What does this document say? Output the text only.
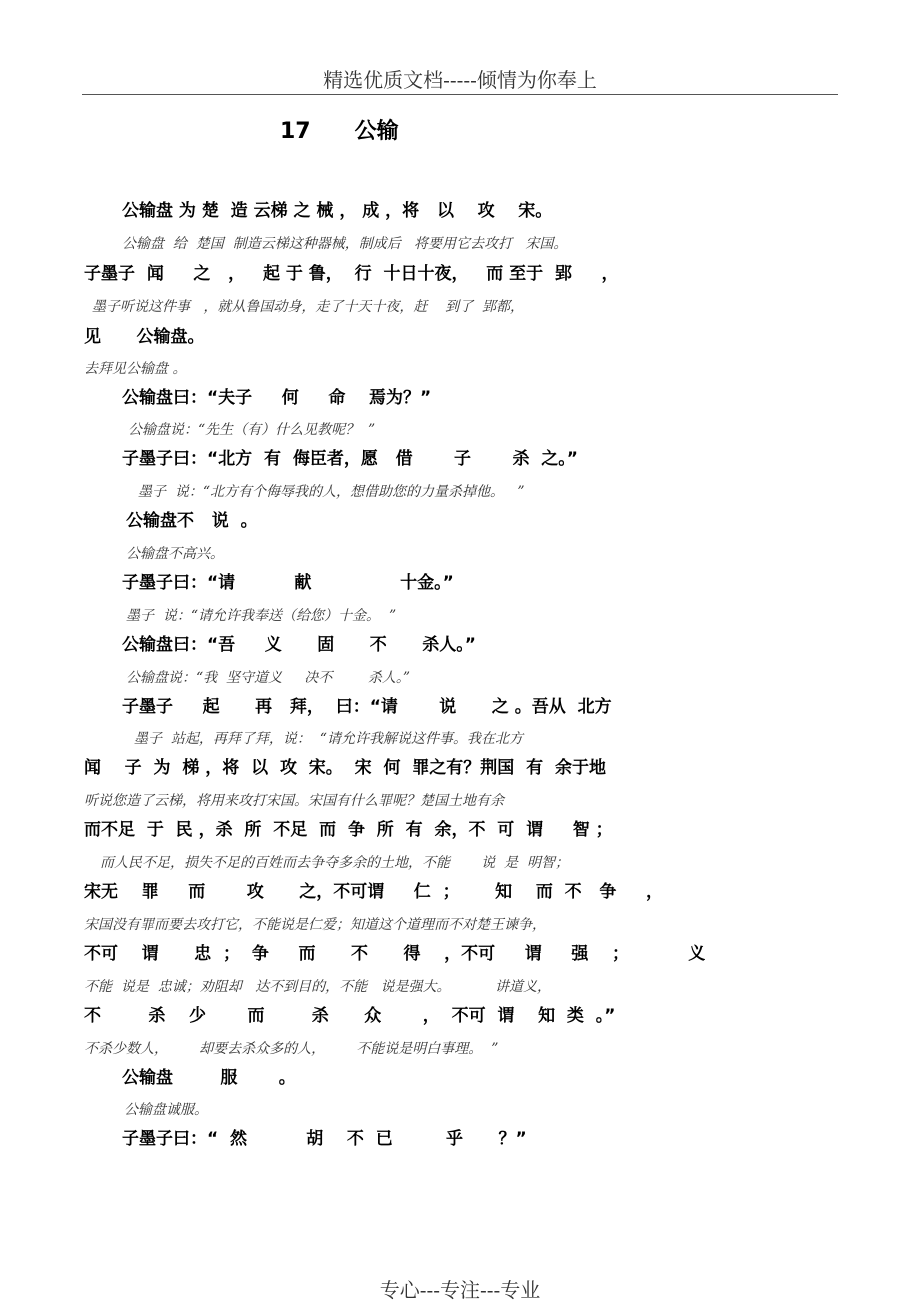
精选优质文档-----倾情为你奉上
17　　公输
公输盘 为 楚  造 云梯 之 械 ， 成 ，将   以    攻    宋。
公输盘  给  楚国  制造云梯这种器械，制成后   将要用它去攻打   宋国。
子墨子  闻     之   ，   起 于 鲁，  行  十日十夜，   而 至于  郢     ，
墨子听说这件事   ，就从鲁国动身，走了十天十夜，赶    到了  郢都，
见      公输盘。
去拜见公输盘 。
公输盘曰：“夫子     何     命    焉为？”
公输盘说：“先生（有）什么见教呢？  ”
子墨子曰：“北方  有  侮臣者，愿   借       子       杀  之。”
墨子  说：“北方有个侮辱我的人，想借助您的力量杀掉他。   ”
公输盘不   说  。
公输盘不高兴。
子墨子曰：“请          献               十金。”
墨子  说：“请允许我奉送（给您）十金。  ”
公输盘曰：“吾     义      固      不      杀人。”
公输盘说：“我  坚守道义     决不        杀人。”
子墨子     起      再   拜，  曰：“请       说      之 。吾从  北方
墨子  站起，再拜了拜，说：  “请允许我解说这件事。我在北方
闻    子  为  梯 ，将  以  攻  宋。  宋  何  罪之有？荆国  有  余于地
听说您造了云梯，将用来攻打宋国。宋国有什么罪呢？楚国土地有余
而不足  于  民 ，杀  所  不足  而  争  所  有  余，不  可  谓     智 ；
而人民不足，损失不足的百姓而去争夺多余的土地，不能       说  是  明智；
宋无    罪     而       攻      之，不可谓     仁  ；      知    而  不   争     ，
宋国没有罪而要去攻打它，不能说是仁爱；知道这个道理而不对楚王谏争，
不可    谓      忠  ；  争     而      不      得    ，不可     谓     强    ；          义
不能  说是  忠诚；劝阻却   达不到目的，不能   说是强大。          讲道义，
不        杀    少       而        杀      众       ，  不可  谓    知  类  。”
不杀少数人，       却要去杀众多的人，       不能说是明白事理。  ”
公输盘        服       。
公输盘诚服。
子墨子曰：“  然          胡    不  已         乎      ？”
专心---专注---专业
